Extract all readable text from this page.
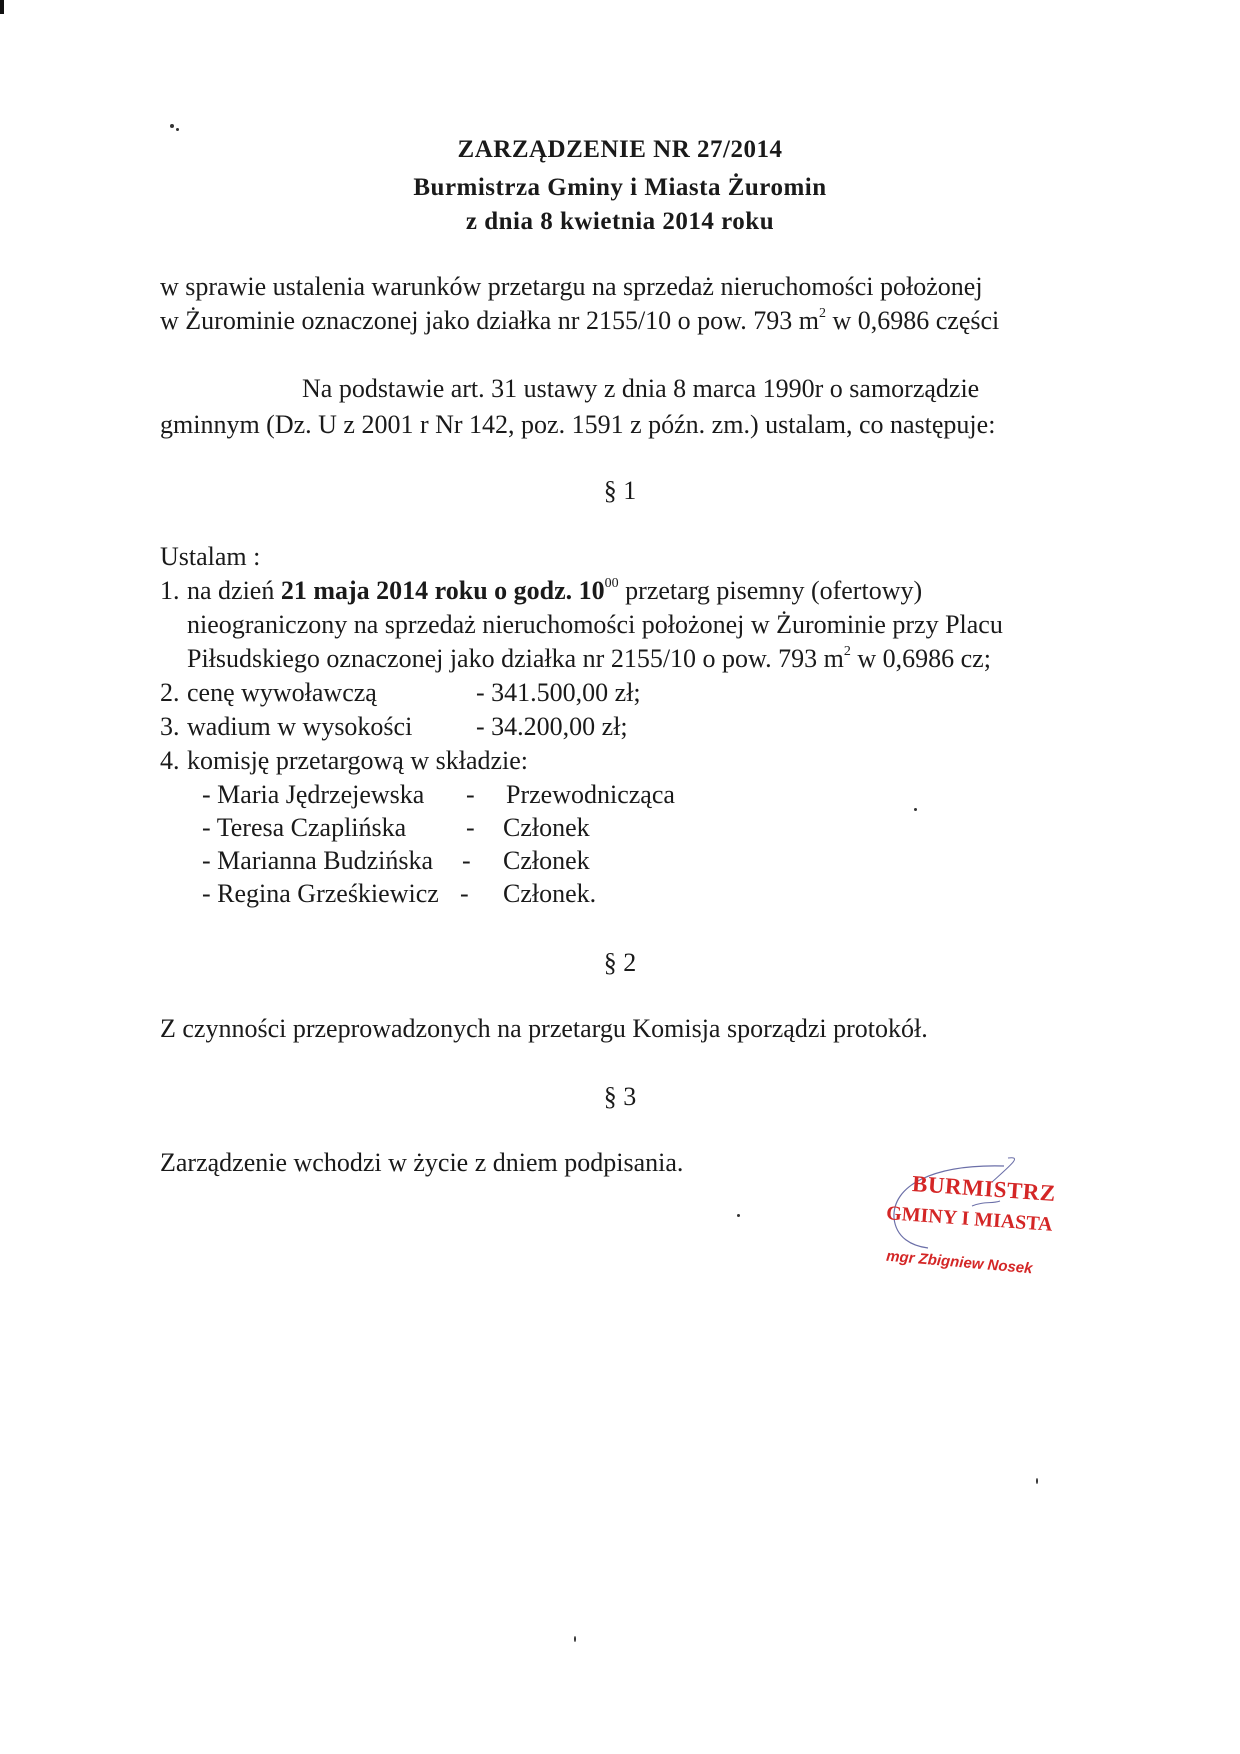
ZARZĄDZENIE NR 27/2014
Burmistrza Gminy i Miasta Żuromin
z dnia 8 kwietnia 2014 roku
w sprawie ustalenia warunków przetargu na sprzedaż nieruchomości położonej
w Żurominie oznaczonej jako działka nr 2155/10 o pow. 793 $m^2$ w 0,6986 części
Na podstawie art. 31 ustawy z dnia 8 marca 1990r o samorządzie
gminnym (Dz. U z 2001 r Nr 142, poz. 1591 z późn. zm.) ustalam, co następuje:
§ 1
Ustalam :
1. na dzień 21 maja 2014 roku o godz. $10^{00}$ przetarg pisemny (ofertowy)
nieograniczony na sprzedaż nieruchomości położonej w Żurominie przy Placu
Piłsudskiego oznaczonej jako działka nr 2155/10 o pow. 793 $m^2$ w 0,6986 cz;
2. cenę wywoławczą	- 341.500,00 zł;
3. wadium w wysokości - 34.200,00 zł;
4. komisję przetargową w składzie:
- Maria Jędrzejewska - Przewodnicząca
- Teresa Czaplińska - Członek
- Marianna Budzińska - Członek
- Regina Grześkiewicz - Członek.
§ 2
Z czynności przeprowadzonych na przetargu Komisja sporządzi protokół.
§ 3
Zarządzenie wchodzi w życie z dniem podpisania.
BURMISTRZ
GMINY I MIASTA
mgr Zbigniew Nosek
